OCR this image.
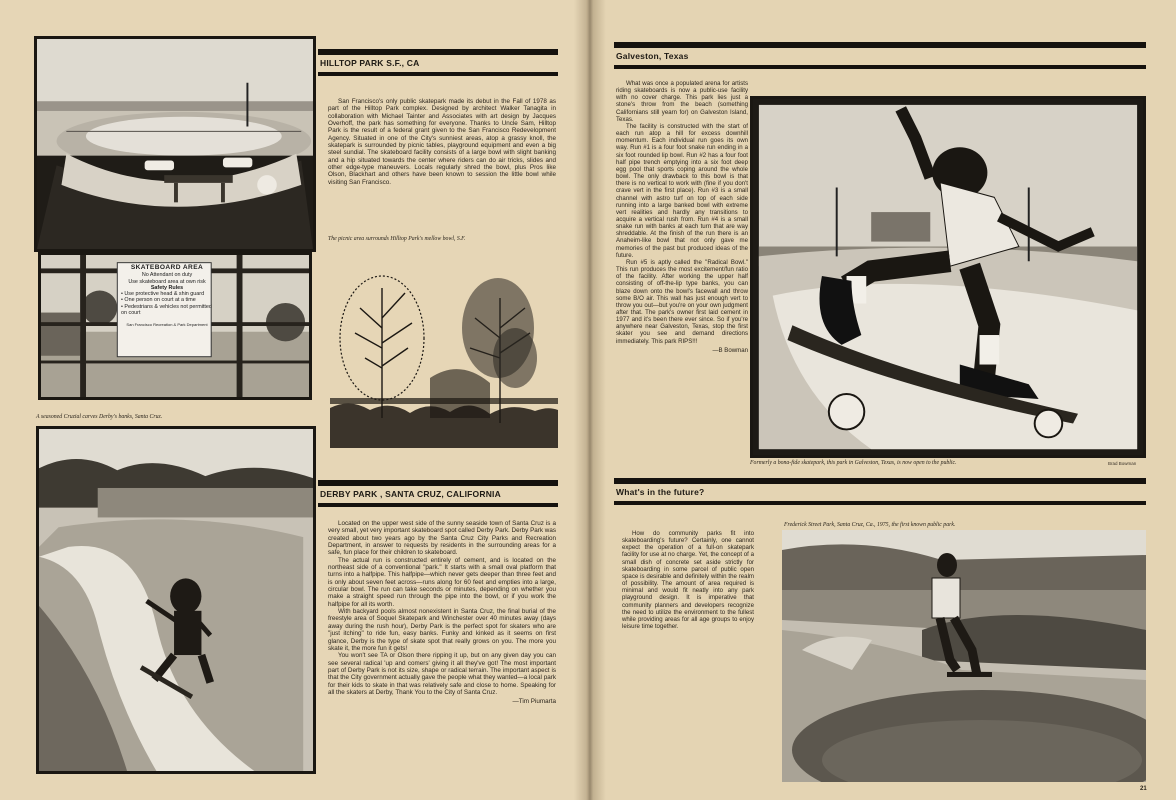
HILLTOP PARK S.F., CA

San Francisco's only public skatepark made its debut in the Fall of 1978 as part of the Hilltop Park complex. Designed by architect Walker Tanagita in collaboration with Michael Tainter and Associates with art design by Jacques Overhoff, the park has something for everyone. Thanks to Uncle Sam, Hilltop Park is the result of a federal grant given to the San Francisco Redevelopment Agency. Situated in one of the City's sunniest areas, atop a grassy knoll, the skatepark is surrounded by picnic tables, playground equipment and even a big steel sundial. The skateboard facility consists of a large bowl with slight banking and a hip situated towards the center where riders can do air tricks, slides and other edge-type maneuvers. Locals regularly shred the bowl, plus Pros like Olson, Blackhart and others have been known to session the little bowl while visiting San Francisco.

The picnic area surrounds Hilltop Park's mellow bowl, S.F.
SKATEBOARD AREA
No Attendant on duty
Use skateboard area at own risk
Safety Rules
• Use protective head & shin guard
• One person on court at a time
• Pedestrians & vehicles not permitted on court
San Francisco Recreation & Park Department
A seasoned Cruzial carves Derby's banks, Santa Cruz.
DERBY PARK , SANTA CRUZ, CALIFORNIA

Located on the upper west side of the sunny seaside town of Santa Cruz is a very small, yet very important skateboard spot called Derby Park. Derby Park was created about two years ago by the Santa Cruz City Parks and Recreation Department, in answer to requests by residents in the surrounding areas for a safe, fun place for their children to skateboard.

The actual run is constructed entirely of cement, and is located on the northeast side of a conventional "park." It starts with a small oval platform that turns into a halfpipe. This halfpipe—which never gets deeper than three feet and is only about seven feet across—runs along for 60 feet and empties into a large, circular bowl. The run can take seconds or minutes, depending on whether you make a straight speed run through the pipe into the bowl, or if you work the halfpipe for all its worth.

With backyard pools almost nonexistent in Santa Cruz, the final burial of the freestyle area of Soquel Skatepark and Winchester over 40 minutes away (days away during the rush hour), Derby Park is the perfect spot for skaters who are "just itching" to ride fun, easy banks. Funky and kinked as it seems on first glance, Derby is the type of skate spot that really grows on you. The more you skate it, the more fun it gets!

You won't see TA or Olson there ripping it up, but on any given day you can see several radical 'up and comers' giving it all they've got! The most important part of Derby Park is not its size, shape or radical terrain. The important aspect is that the City government actually gave the people what they wanted—a local park for their kids to skate in that was relatively safe and close to home. Speaking for all the skaters at Derby, Thank You to the City of Santa Cruz.

—Tim Piumarta
Galveston, Texas

What was once a populated arena for artists riding skateboards is now a public-use facility with no cover charge. This park lies just a stone's throw from the beach (something Californians still yearn for) on Galveston Island, Texas.

The facility is constructed with the start of each run atop a hill for excess downhill momentum. Each individual run goes its own way. Run #1 is a four foot snake run ending in a six foot rounded lip bowl. Run #2 has a four foot half pipe trench emptying into a six foot deep egg pool that sports coping around the whole bowl. The only drawback to this bowl is that there is no vertical to work with (fine if you don't crave vert in the first place). Run #3 is a small channel with astro turf on top of each side running into a large banked bowl with extreme vert realities and hardly any transitions to acquire a vertical rush from. Run #4 is a small snake run with banks at each turn that are way shreddable. At the finish of the run there is an Anaheim-like bowl that not only gave me memories of the past but produced ideas of the future.

Run #5 is aptly called the "Radical Bowl." This run produces the most excitement/fun ratio of the facility. After working the upper half consisting of off-the-lip type banks, you can blaze down onto the bowl's facewall and throw some B/O air. This wall has just enough vert to throw you out—but you're on your own judgment after that. The park's owner first laid cement in 1977 and it's been there ever since. So if you're anywhere near Galveston, Texas, stop the first skater you see and demand directions immediately. This park RIPS!!!

—B Bowman
Formerly a bona-fide skatepark, this park in Galveston, Texas, is now open to the public.	Brad Bowman
What's in the future?

How do community parks fit into skateboarding's future? Certainly, one cannot expect the operation of a full-on skatepark facility for use at no charge. Yet, the concept of a small dish of concrete set aside strictly for skateboarding in some parcel of public open space is desirable and definitely within the realm of possibility. The amount of area required is minimal and would fit neatly into any park playground design. It is imperative that community planners and developers recognize the need to utilize the environment to the fullest while providing areas for all age groups to enjoy leisure time together.

Frederick Street Park, Santa Cruz, Ca., 1975, the first known public park.
21
